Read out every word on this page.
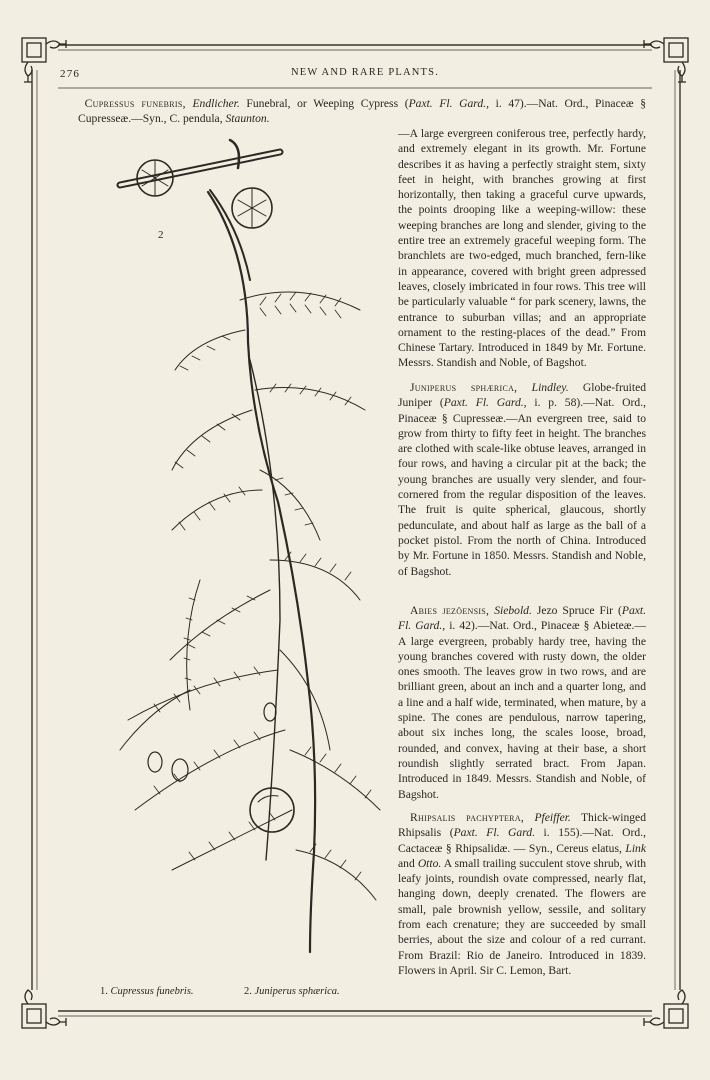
276	NEW AND RARE PLANTS.

Cupressus funebris, Endlicher. Funebral, or Weeping Cypress (Paxt. Fl. Gard., i. 47).—Nat. Ord., Pinaceæ § Cupresseæ.—Syn., C. pendula, Staunton.

—A large evergreen coniferous tree, perfectly hardy, and extremely elegant in its growth. Mr. Fortune describes it as having a perfectly straight stem, sixty feet in height, with branches growing at first horizontally, then taking a graceful curve upwards, the points drooping like a weeping-willow: these weeping branches are long and slender, giving to the entire tree an extremely graceful weeping form. The branchlets are two-edged, much branched, fern-like in appearance, covered with bright green adpressed leaves, closely imbricated in four rows. This tree will be particularly valuable “ for park scenery, lawns, the entrance to suburban villas; and an appropriate ornament to the resting-places of the dead.” From Chinese Tartary. Introduced in 1849 by Mr. Fortune. Messrs. Standish and Noble, of Bagshot.

Juniperus sphærica, Lindley. Globe-fruited Juniper (Paxt. Fl. Gard., i. p. 58).—Nat. Ord., Pinaceæ § Cupresseæ.—An evergreen tree, said to grow from thirty to fifty feet in height. The branches are clothed with scale-like obtuse leaves, arranged in four rows, and having a circular pit at the back; the young branches are usually very slender, and four-cornered from the regular disposition of the leaves. The fruit is quite spherical, glaucous, shortly pedunculate, and about half as large as the ball of a pocket pistol. From the north of China. Introduced by Mr. Fortune in 1850. Messrs. Standish and Noble, of Bagshot.

Abies jezöensis, Siebold. Jezo Spruce Fir (Paxt. Fl. Gard., i. 42).—Nat. Ord., Pinaceæ § Abieteæ.—A large evergreen, probably hardy tree, having the young branches covered with rusty down, the older ones smooth. The leaves grow in two rows, and are brilliant green, about an inch and a quarter long, and a line and a half wide, terminated, when mature, by a spine. The cones are pendulous, narrow tapering, about six inches long, the scales loose, broad, rounded, and convex, having at their base, a short roundish slightly serrated bract. From Japan. Introduced in 1849. Messrs. Standish and Noble, of Bagshot.

Rhipsalis pachyptera, Pfeiffer. Thick-winged Rhipsalis (Paxt. Fl. Gard. i. 155).—Nat. Ord., Cactaceæ § Rhipsalidæ. — Syn., Cereus elatus, Link and Otto. A small trailing succulent stove shrub, with leafy joints, roundish ovate compressed, nearly flat, hanging down, deeply crenated. The flowers are small, pale brownish yellow, sessile, and solitary from each crenature; they are succeeded by small berries, about the size and colour of a red currant. From Brazil: Rio de Janeiro. Introduced in 1839. Flowers in April. Sir C. Lemon, Bart.

2
1. Cupressus funebris.	2. Juniperus sphærica.
